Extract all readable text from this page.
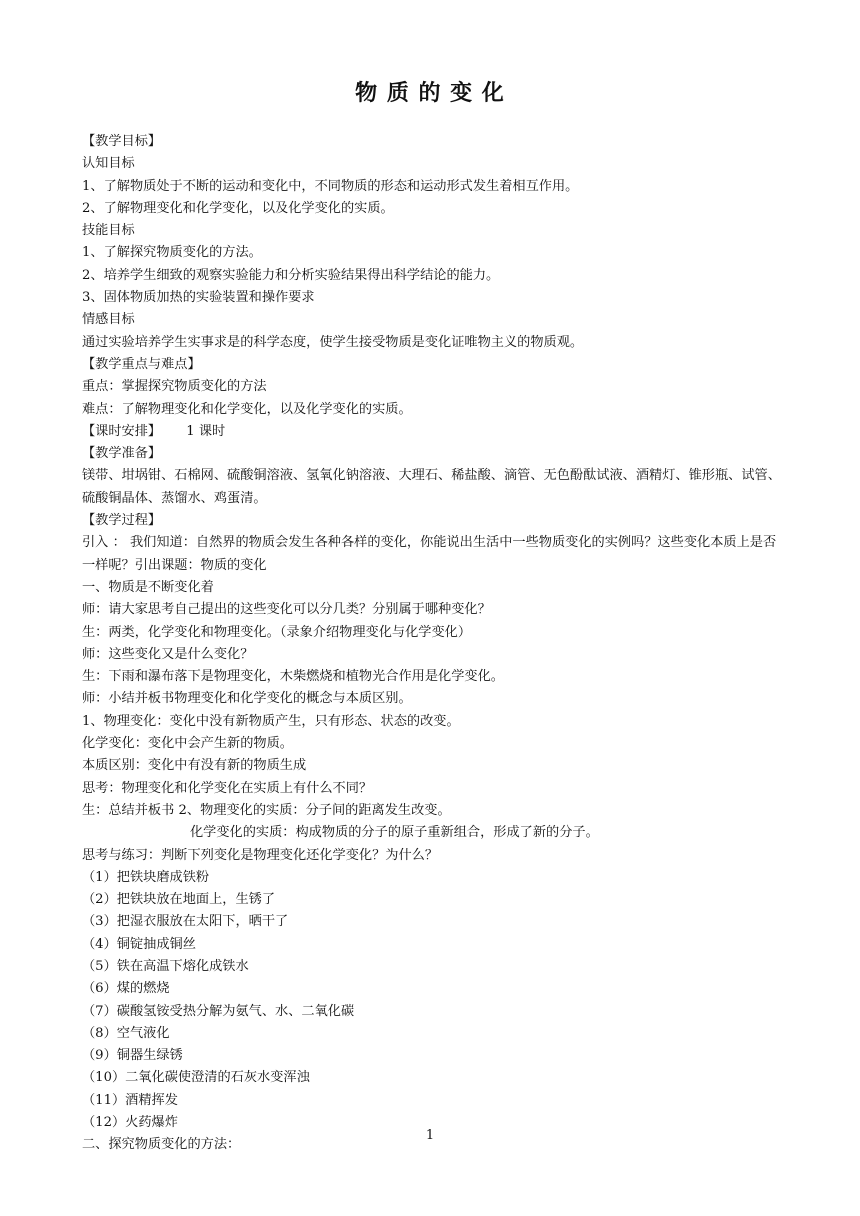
物 质 的 变 化
【教学目标】
认知目标
1、了解物质处于不断的运动和变化中，不同物质的形态和运动形式发生着相互作用。
2、了解物理变化和化学变化，以及化学变化的实质。
技能目标
1、了解探究物质变化的方法。
2、培养学生细致的观察实验能力和分析实验结果得出科学结论的能力。
3、固体物质加热的实验装置和操作要求
情感目标
通过实验培养学生实事求是的科学态度，使学生接受物质是变化证唯物主义的物质观。
【教学重点与难点】
重点：掌握探究物质变化的方法
难点：了解物理变化和化学变化，以及化学变化的实质。
【课时安排】      1 课时
【教学准备】
镁带、坩埚钳、石棉网、硫酸铜溶液、氢氧化钠溶液、大理石、稀盐酸、滴管、无色酚酞试液、酒精灯、锥形瓶、试管、硫酸铜晶体、蒸馏水、鸡蛋清。
【教学过程】
引入 ： 我们知道：自然界的物质会发生各种各样的变化，你能说出生活中一些物质变化的实例吗？这些变化本质上是否一样呢？引出课题：物质的变化
一、物质是不断变化着
师：请大家思考自己提出的这些变化可以分几类？分别属于哪种变化？
生：两类，化学变化和物理变化。（录象介绍物理变化与化学变化）
师：这些变化又是什么变化？
生：下雨和瀑布落下是物理变化，木柴燃烧和植物光合作用是化学变化。
师：小结并板书物理变化和化学变化的概念与本质区别。
1、物理变化：变化中没有新物质产生，只有形态、状态的改变。
化学变化：变化中会产生新的物质。
本质区别：变化中有没有新的物质生成
思考：物理变化和化学变化在实质上有什么不同？
生：总结并板书 2、物理变化的实质：分子间的距离发生改变。
化学变化的实质：构成物质的分子的原子重新组合，形成了新的分子。
思考与练习：判断下列变化是物理变化还化学变化？为什么？
（1）把铁块磨成铁粉
（2）把铁块放在地面上，生锈了
（3）把湿衣服放在太阳下，晒干了
（4）铜锭抽成铜丝
（5）铁在高温下熔化成铁水
（6）煤的燃烧
（7）碳酸氢铵受热分解为氨气、水、二氧化碳
（8）空气液化
（9）铜器生绿锈
（10）二氧化碳使澄清的石灰水变浑浊
（11）酒精挥发
（12）火药爆炸
二、探究物质变化的方法：
1
